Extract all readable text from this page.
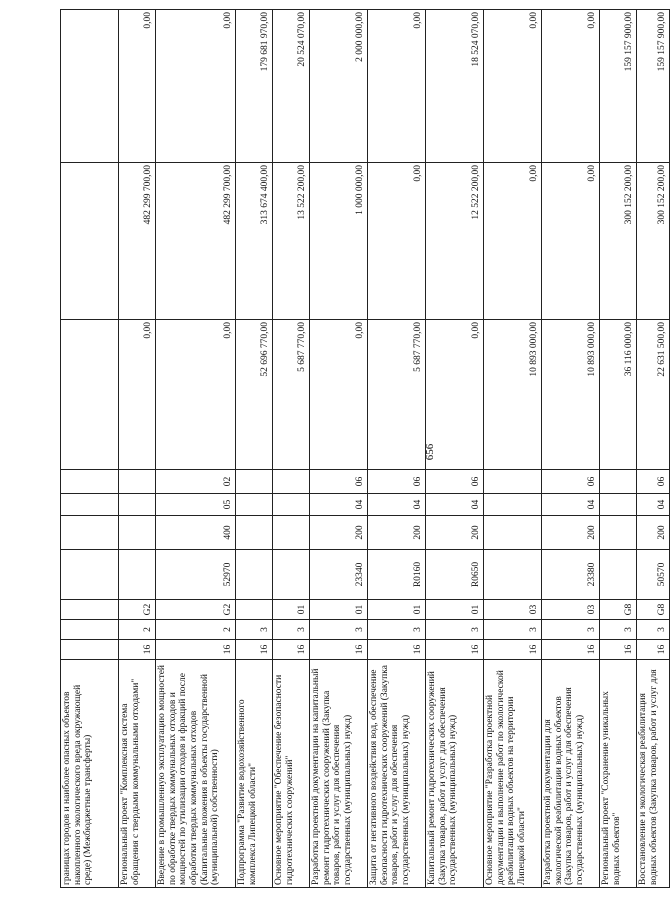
656
границах городов и наиболее опасных объектов накопленного экологического вреда окружающей среде) (Межбюджетные трансферты)										
Региональный проект "Комплексная система обращения с твердыми коммунальными отходами"	16	2	G2					0,00	482 299 700,00	0,00
Введение в промышленную эксплуатацию мощностей по обработке твердых коммунальных отходов и мощностей по утилизации отходов и фракций после обработки твердых коммунальных отходов (Капитальные вложения в объекты государственной (муниципальной) собственности)	16	2	G2	52970	400	05	02	0,00	482 299 700,00	0,00
Подпрограмма "Развитие водохозяйственного комплекса Липецкой области"	16	3						52 696 770,00	313 674 400,00	179 681 970,00
Основное мероприятие "Обеспечение безопасности гидротехнических сооружений"	16	3	01					5 687 770,00	13 522 200,00	20 524 070,00
Разработка проектной документации на капитальный ремонт гидротехнических сооружений (Закупка товаров, работ и услуг для обеспечения государственных (муниципальных) нужд)	16	3	01	23340	200	04	06	0,00	1 000 000,00	2 000 000,00
Защита от негативного воздействия вод, обеспечение безопасности гидротехнических сооружений (Закупка товаров, работ и услуг для обеспечения государственных (муниципальных) нужд)	16	3	01	R0160	200	04	06	5 687 770,00	0,00	0,00
Капитальный ремонт гидротехнических сооружений (Закупка товаров, работ и услуг для обеспечения государственных (муниципальных) нужд)	16	3	01	R0650	200	04	06	0,00	12 522 200,00	18 524 070,00
Основное мероприятие "Разработка проектной документации и выполнение работ по экологической реабилитации водных объектов на территории Липецкой области"	16	3	03					10 893 000,00	0,00	0,00
Разработка проектной документации для экологической реабилитации водных объектов (Закупка товаров, работ и услуг для обеспечения государственных (муниципальных) нужд)	16	3	03	23380	200	04	06	10 893 000,00	0,00	0,00
Региональный проект "Сохранение уникальных водных объектов"	16	3	G8					36 116 000,00	300 152 200,00	159 157 900,00
Восстановление и экологическая реабилитация водных объектов (Закупка товаров, работ и услуг для	16	3	G8	50570	200	04	06	22 631 500,00	300 152 200,00	159 157 900,00
